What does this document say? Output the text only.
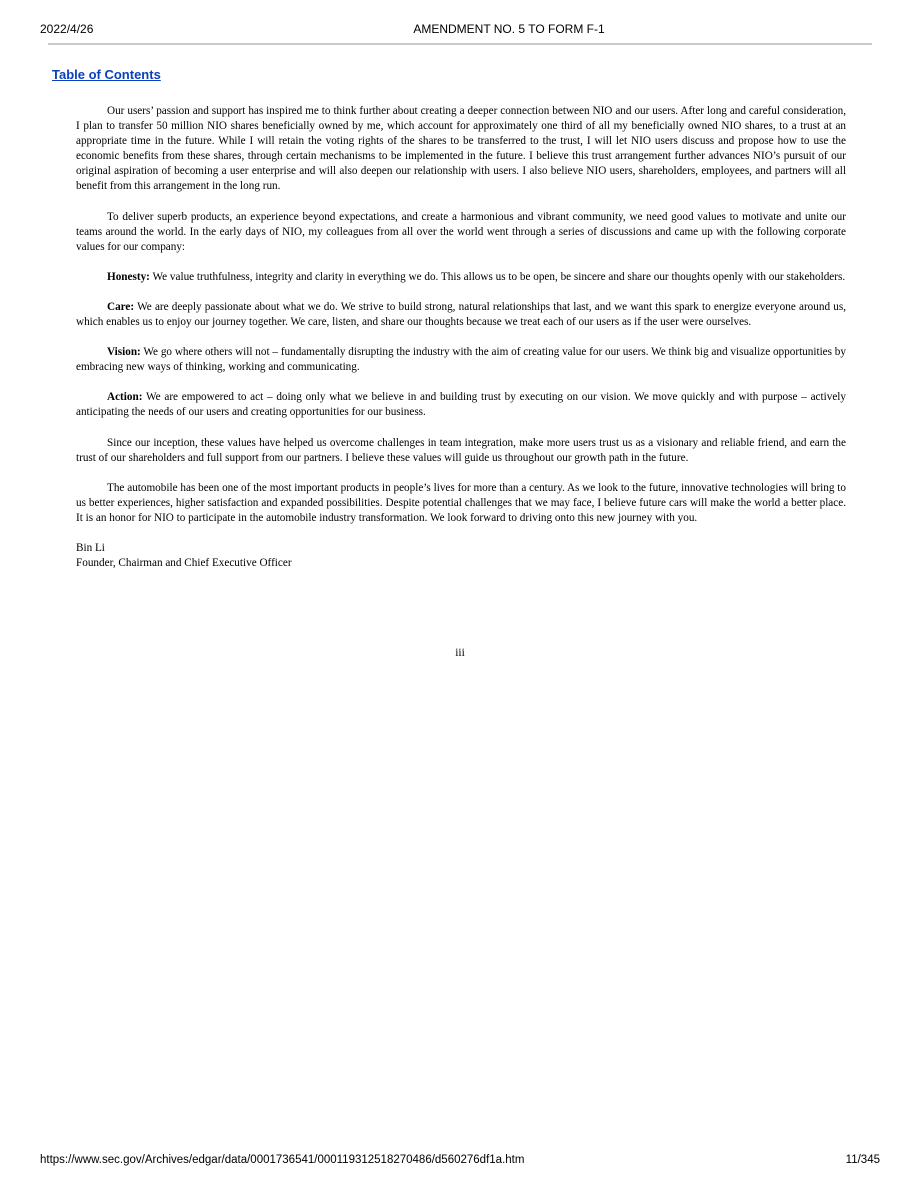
2022/4/26	AMENDMENT NO. 5 TO FORM F-1
Table of Contents

Our users’ passion and support has inspired me to think further about creating a deeper connection between NIO and our users. After long and careful consideration, I plan to transfer 50 million NIO shares beneficially owned by me, which account for approximately one third of all my beneficially owned NIO shares, to a trust at an appropriate time in the future. While I will retain the voting rights of the shares to be transferred to the trust, I will let NIO users discuss and propose how to use the economic benefits from these shares, through certain mechanisms to be implemented in the future. I believe this trust arrangement further advances NIO’s pursuit of our original aspiration of becoming a user enterprise and will also deepen our relationship with users. I also believe NIO users, shareholders, employees, and partners will all benefit from this arrangement in the long run.

To deliver superb products, an experience beyond expectations, and create a harmonious and vibrant community, we need good values to motivate and unite our teams around the world. In the early days of NIO, my colleagues from all over the world went through a series of discussions and came up with the following corporate values for our company:

Honesty: We value truthfulness, integrity and clarity in everything we do. This allows us to be open, be sincere and share our thoughts openly with our stakeholders.

Care: We are deeply passionate about what we do. We strive to build strong, natural relationships that last, and we want this spark to energize everyone around us, which enables us to enjoy our journey together. We care, listen, and share our thoughts because we treat each of our users as if the user were ourselves.

Vision: We go where others will not – fundamentally disrupting the industry with the aim of creating value for our users. We think big and visualize opportunities by embracing new ways of thinking, working and communicating.

Action: We are empowered to act – doing only what we believe in and building trust by executing on our vision. We move quickly and with purpose – actively anticipating the needs of our users and creating opportunities for our business.

Since our inception, these values have helped us overcome challenges in team integration, make more users trust us as a visionary and reliable friend, and earn the trust of our shareholders and full support from our partners. I believe these values will guide us throughout our growth path in the future.

The automobile has been one of the most important products in people’s lives for more than a century. As we look to the future, innovative technologies will bring to us better experiences, higher satisfaction and expanded possibilities. Despite potential challenges that we may face, I believe future cars will make the world a better place. It is an honor for NIO to participate in the automobile industry transformation. We look forward to driving onto this new journey with you.

Bin Li
Founder, Chairman and Chief Executive Officer
iii
https://www.sec.gov/Archives/edgar/data/0001736541/000119312518270486/d560276df1a.htm	11/345
